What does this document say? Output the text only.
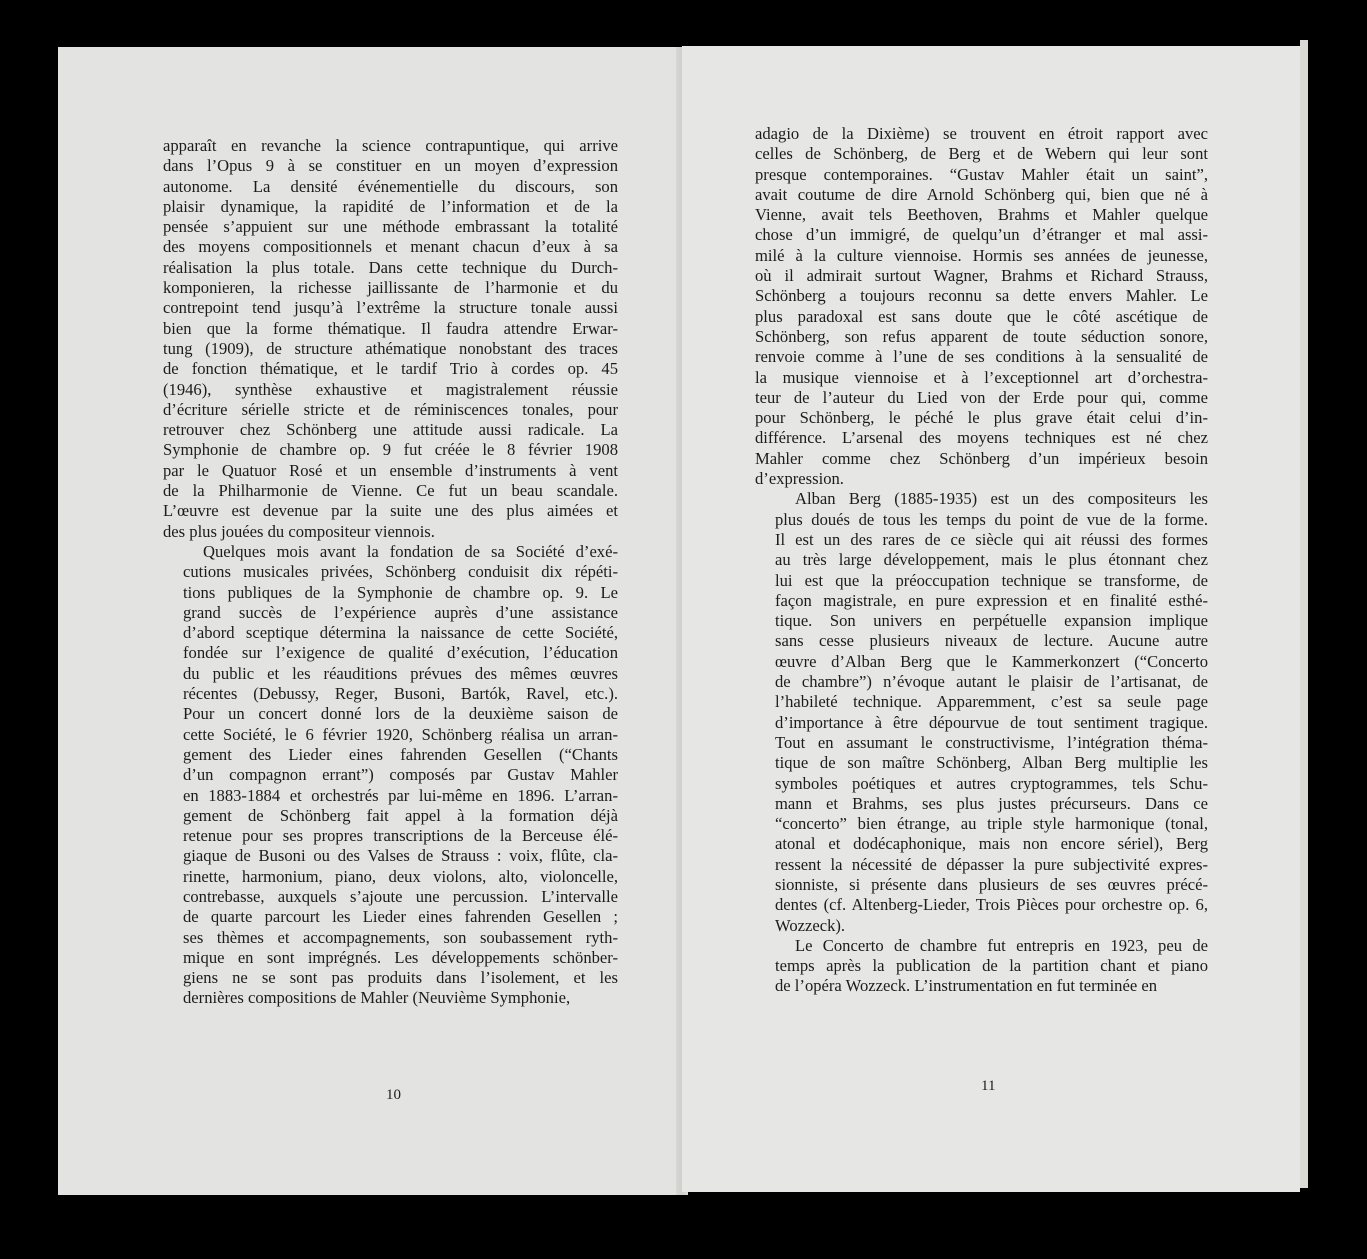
apparaît en revanche la science contrapuntique, qui arrive
dans l’Opus 9 à se constituer en un moyen d’expression
autonome. La densité événementielle du discours, son
plaisir dynamique, la rapidité de l’information et de la
pensée s’appuient sur une méthode embrassant la totalité
des moyens compositionnels et menant chacun d’eux à sa
réalisation la plus totale. Dans cette technique du Durch-
komponieren, la richesse jaillissante de l’harmonie et du
contrepoint tend jusqu’à l’extrême la structure tonale aussi
bien que la forme thématique. Il faudra attendre Erwar-
tung (1909), de structure athématique nonobstant des traces
de fonction thématique, et le tardif Trio à cordes op. 45
(1946), synthèse exhaustive et magistralement réussie
d’écriture sérielle stricte et de réminiscences tonales, pour
retrouver chez Schönberg une attitude aussi radicale. La
Symphonie de chambre op. 9 fut créée le 8 février 1908
par le Quatuor Rosé et un ensemble d’instruments à vent
de la Philharmonie de Vienne. Ce fut un beau scandale.
L’œuvre est devenue par la suite une des plus aimées et
des plus jouées du compositeur viennois.
Quelques mois avant la fondation de sa Société d’exé-
cutions musicales privées, Schönberg conduisit dix répéti-
tions publiques de la Symphonie de chambre op. 9. Le
grand succès de l’expérience auprès d’une assistance
d’abord sceptique détermina la naissance de cette Société,
fondée sur l’exigence de qualité d’exécution, l’éducation
du public et les réauditions prévues des mêmes œuvres
récentes (Debussy, Reger, Busoni, Bartók, Ravel, etc.).
Pour un concert donné lors de la deuxième saison de
cette Société, le 6 février 1920, Schönberg réalisa un arran-
gement des Lieder eines fahrenden Gesellen (“Chants
d’un compagnon errant”) composés par Gustav Mahler
en 1883-1884 et orchestrés par lui-même en 1896. L’arran-
gement de Schönberg fait appel à la formation déjà
retenue pour ses propres transcriptions de la Berceuse élé-
giaque de Busoni ou des Valses de Strauss : voix, flûte, cla-
rinette, harmonium, piano, deux violons, alto, violoncelle,
contrebasse, auxquels s’ajoute une percussion. L’intervalle
de quarte parcourt les Lieder eines fahrenden Gesellen ;
ses thèmes et accompagnements, son soubassement ryth-
mique en sont imprégnés. Les développements schönber-
giens ne se sont pas produits dans l’isolement, et les
dernières compositions de Mahler (Neuvième Symphonie,
adagio de la Dixième) se trouvent en étroit rapport avec
celles de Schönberg, de Berg et de Webern qui leur sont
presque contemporaines. “Gustav Mahler était un saint”,
avait coutume de dire Arnold Schönberg qui, bien que né à
Vienne, avait tels Beethoven, Brahms et Mahler quelque
chose d’un immigré, de quelqu’un d’étranger et mal assi-
milé à la culture viennoise. Hormis ses années de jeunesse,
où il admirait surtout Wagner, Brahms et Richard Strauss,
Schönberg a toujours reconnu sa dette envers Mahler. Le
plus paradoxal est sans doute que le côté ascétique de
Schönberg, son refus apparent de toute séduction sonore,
renvoie comme à l’une de ses conditions à la sensualité de
la musique viennoise et à l’exceptionnel art d’orchestra-
teur de l’auteur du Lied von der Erde pour qui, comme
pour Schönberg, le péché le plus grave était celui d’in-
différence. L’arsenal des moyens techniques est né chez
Mahler comme chez Schönberg d’un impérieux besoin
d’expression.
Alban Berg (1885-1935) est un des compositeurs les
plus doués de tous les temps du point de vue de la forme.
Il est un des rares de ce siècle qui ait réussi des formes
au très large développement, mais le plus étonnant chez
lui est que la préoccupation technique se transforme, de
façon magistrale, en pure expression et en finalité esthé-
tique. Son univers en perpétuelle expansion implique
sans cesse plusieurs niveaux de lecture. Aucune autre
œuvre d’Alban Berg que le Kammerkonzert (“Concerto
de chambre”) n’évoque autant le plaisir de l’artisanat, de
l’habileté technique. Apparemment, c’est sa seule page
d’importance à être dépourvue de tout sentiment tragique.
Tout en assumant le constructivisme, l’intégration théma-
tique de son maître Schönberg, Alban Berg multiplie les
symboles poétiques et autres cryptogrammes, tels Schu-
mann et Brahms, ses plus justes précurseurs. Dans ce
“concerto” bien étrange, au triple style harmonique (tonal,
atonal et dodécaphonique, mais non encore sériel), Berg
ressent la nécessité de dépasser la pure subjectivité expres-
sionniste, si présente dans plusieurs de ses œuvres précé-
dentes (cf. Altenberg-Lieder, Trois Pièces pour orchestre op. 6,
Wozzeck).
Le Concerto de chambre fut entrepris en 1923, peu de
temps après la publication de la partition chant et piano
de l’opéra Wozzeck. L’instrumentation en fut terminée en
10
11
